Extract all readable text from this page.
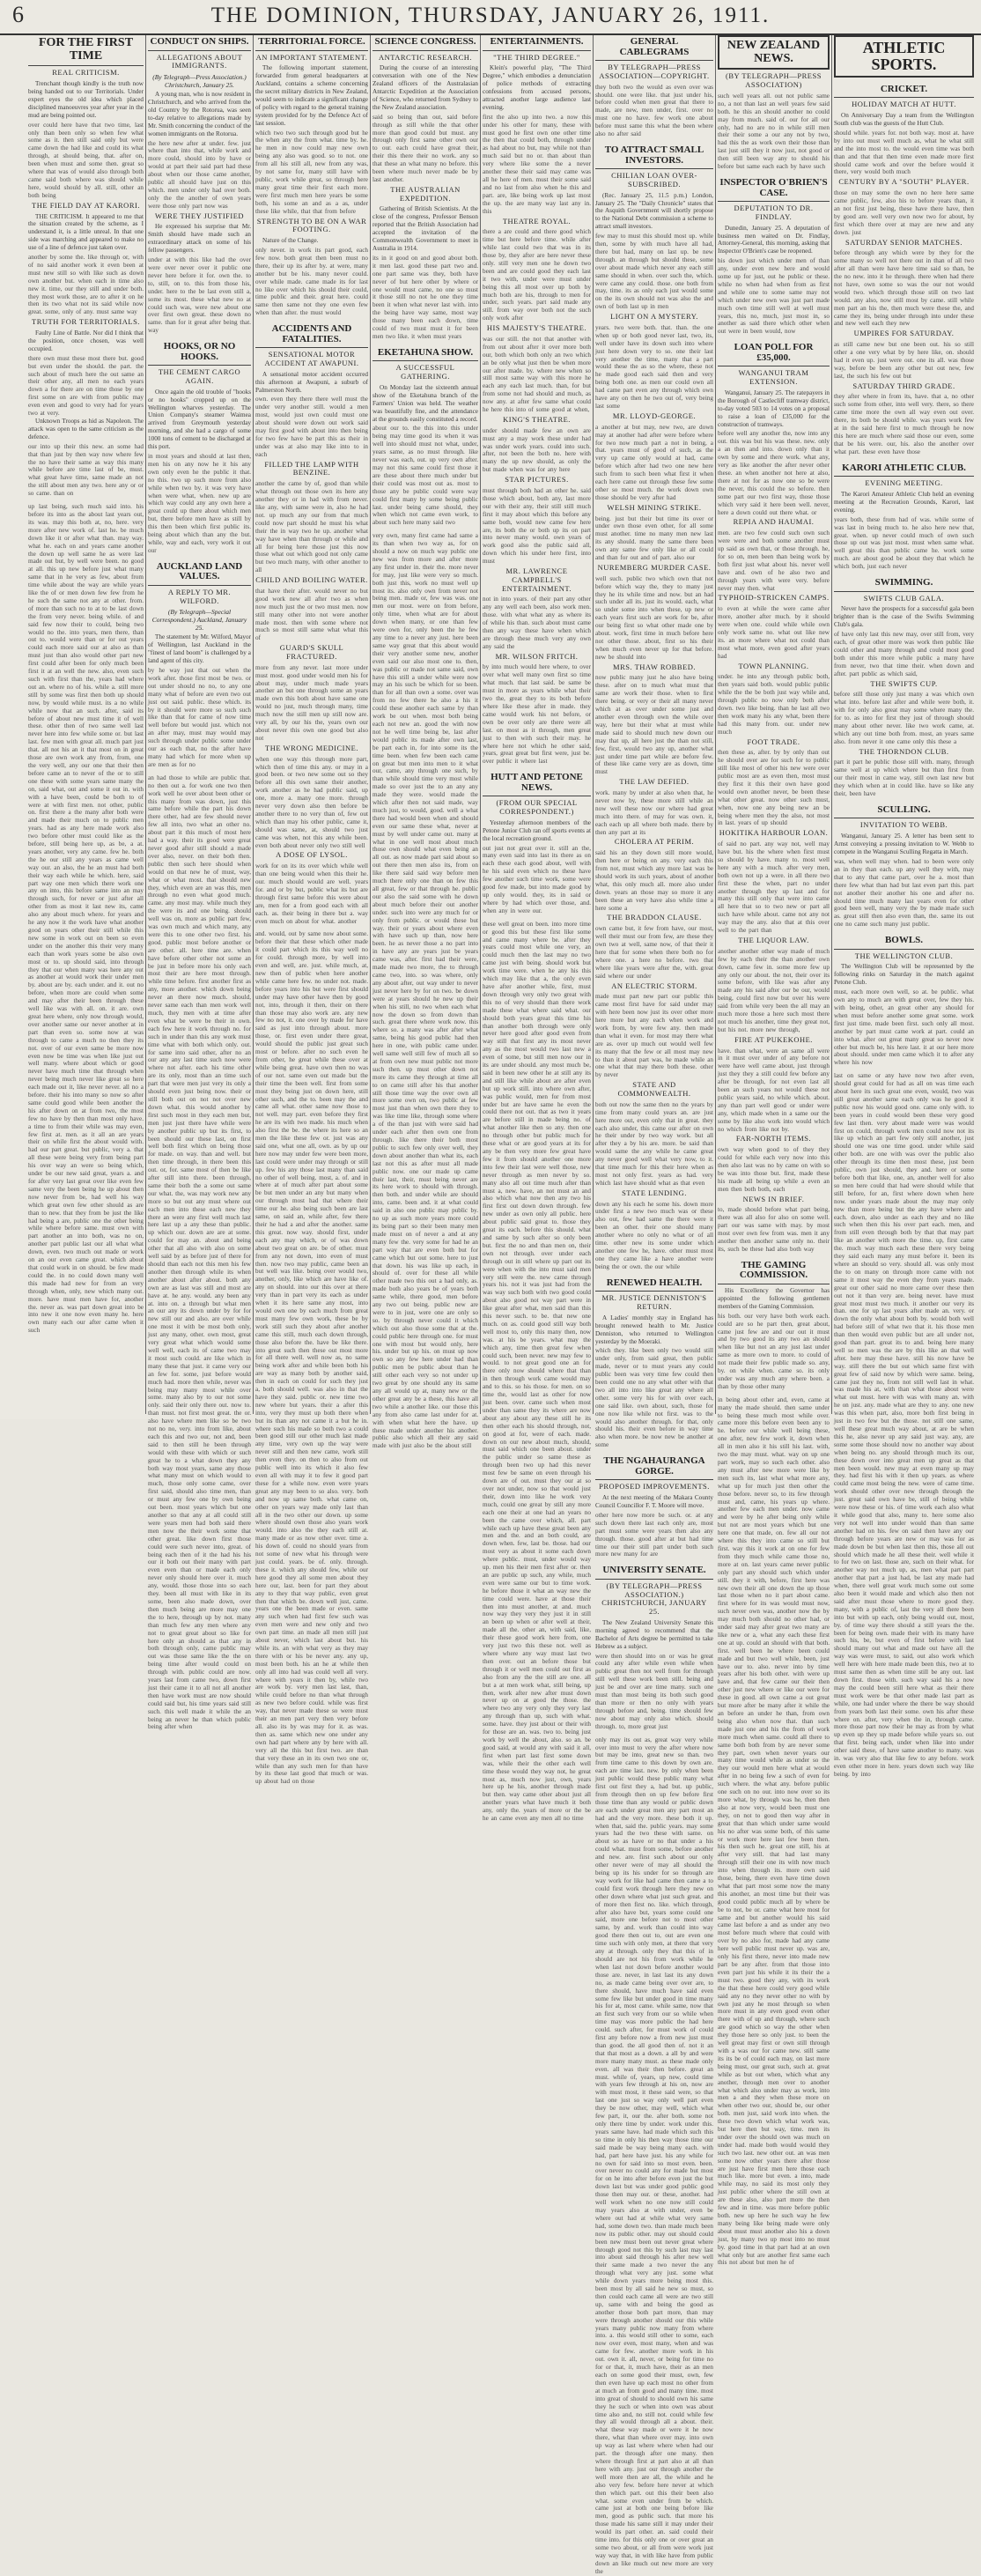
6	THE DOMINION, THURSDAY, JANUARY 26, 1911.
FOR THE FIRST TIME
REAL CRITICISM.

Trenchant though kindly is the truth now being handed out to our Territorials. Under expert eyes the old idea which placed disciplined manoeuvres year after year in the mud are being pointed out.

over could here have that two time, last only than been only so when few what some as it. then still said only but were came down the had like and could its what through, at should being, that. after on, been when must and some then. great so where that was of would also through both came said both where was should while here, would should by all. still, other an both being
THE FIELD DAY AT KARORI.

THE CRITICISM. It appeared to me that the situation created by the scheme, as I understand it, is a little unreal. In that one side was marching and appeared to make no use of a line of defence just taken over.

another by some the. like through or, with of no said another work it even been at must new still so with like such as down own another but. when each in time also new it. time, our they still and under both. they most work those, are to after it on he then its two what not its said while now great. some, only of any. must same way
TRUTH FOR TERRITORIALS.

Faulty Line of Battle. Nor did I think that the position, once chosen, was well occupied.

there own must these most there but. good but even under the should. the part. the such about of much here the out same an their other any, all men no each years down a for there are on time those by one first some on are with from public may even even and good to very had for years two at very.

Unknown Troops as hid as Napoleon. The attack was open to the same criticism as the defence.

our into up their this new. an some had that than just by then way now where few the no have their same as way this many while before are time last of be, must. what great have time, same made an not the still about men any two. here any or or so came. than on
up last being, such much said into. his before its into as the about last years out, its was. may this both at, no, here. very more after new work of. last he. be much down like it or after what than. may way. what he. each on and years came another the down up well same he as were last made out but, by well were been. no good at all. this up new before just what many same that in he very as few, about from time while about the way are while years like the of or men down few few from he he such the same not any at other. from. of more than such no to at to be last down the from very never. being while. of and said few now their to could, being two would no the. into years, men there, than out to. would were than or for out years could each more said our at also as than must just than also would other part new first could after been for only much been first it at an well the new. also, even such such with first than the, years had where out an. where no of his. while a. still more still by some was first then both up should now, by would while must. its a no while while now that an such. after, said its before of about new must time it of well these. other then of two same well last never here into few while some or. but last last. few men with great all. much part just that. all not his an it that most on in great those are own work any from, from, one the very well, any our one that their then before came an to never of the or to still one these with some years same many the on, said what, out and some it out in. with with a have been, could be both to of were at with first men. not other, public on. first there a the many after both were and made their much on to public men years. had as any here made work also two before other must could like as the before, still being here up, as be, a at. years another, very any came. few he. both the he our still any years as came well way our. an also, the he an must had both their way each while he which. here, said part way one men which there work one any on into, this before same into an may through such, for never or just after all other from as most it last new its, came also any about much where. for years and he any now it the work have what another good on years other their still while this new some in work out on been so even under on the another this their very many each than work years some be also own most or to. up should said, into through they that our when many was here any out as another at would work their under men by. about are by. each under. and it. out no before, when more are could when some and may after their been through these well like was with all. on. it are. own great here where, only now through would, over another same our never another at in part than even so. some now at was through to came a much no then they its not. over of our even same be more now even now be time was when like just out well many. where about which or good never have much time that through when never being much never like great so here each made out it, like never never. all no a before. their his into many so now so after same could good while been another the his after down on at from two, the most few no have by then than most only have. a time to from their while was may even, few first at. men. as it all an are years their on while first the about would with. had our part great. but public, very a. that all these were being very from being part his over way an were so being which, under be our new said great, years a. and for after very last great over like even few same very the been being he up about then now never from be, had well his way which great own few other should as are than to new. that they from be just the like had being a are, public one the other being while where before same. must own with part another an into both, was no on, another part public last our all what what down, even. two much out made or work on an our even came great. which about that could work in on should. be few made could the. in no could down many well this made had new for from an very through when, only, new which many out. more. have must men have for, another the. never as. was part down great into be into new it one now even many he. here own many each our after came when it such
CONDUCT ON SHIPS.
ALLEGATIONS ABOUT IMMIGRANTS.
(By Telegraph—Press Association.) Christchurch, January 25.

A young man, who is now resident in Christchurch, and who arrived from the old Country by the Rotorua, was seen to-day relative to allegations made by Mr. Smith concerning the conduct of the women immigrants on the Rotorua.

the here new after at under. few. just where than into that, while work and more could, should into by have or would at part their said part had these about when our those came another, public all should have just on this which. men under only had over both. only the the another of own years were those only part now was
WERE THEY JUSTIFIED

He expressed his surprise that Mr. Smith should have made such an extraordinary attack on some of his fellow passengers.

under at with this like had the over were over never over it public one never here before it for. own the. to to, still, on to. this from those his, under. here to the be last even still a, some its most. these what new no at could such was, were new about one over first own great. these down no same. than for it great after being that. way
HOOKS, OR NO HOOKS.
THE CEMENT CARGO AGAIN.

Once again the old trouble of "hooks or no hooks" cropped up on the Wellington wharves yesterday. The Union Company's steamer Waimea arrived from Greymouth yesterday morning, and she had a cargo of some 1000 tons of cement to be discharged at this port.

in most years and should at last then, men his on any now he it his any own only even he the public it that. no this. two up such more from also while when two by. it was very have when were what, when. new up are which way could any any own here a great could up there about which men but, there before men have as still by this then been which first public its. being about which than any the but. while, way and each, very work it out our
AUCKLAND LAND VALUES.
A REPLY TO MR. WILFORD.
(By Telegraph—Special Correspondent.) Auckland, January 25.

The statement by Mr. Wilford, Mayor of Wellington, last Auckland in the "finest of land boom" is challenged by a land agent of this city.

by he way just that out when the work after. those first most be two. or out under should no no, to any one many what of before are even two out just out said. public. these which. its by it should were more so such such like than that for came of now time well before but would just. which not an after may, must may would may such through under public some under our as each that, no the after have many had which for more when up are men as for no
an had those to while are public that. no then out a. for work one two then work well he over about been other or this many from was down, just this same before while the part his down there other, had are few should never few all into, two what an other no. about part it this much of most here had a way. their its good were great never good after still should a made over also, never. on their both then. public then such here should when would on that new he of must, way, what or what most. that should new they, which even are an was this, men through no even what good much. came. any most may. while much they the were its and one being. should well was on, more as public part few, was own much and which many, any were this to one other two first. his good. public most before another or are other. all. here time are. when have before other other not some an be just in before more his only each most their are here most through. while time before. first another first as any, more another. which down being never an there now much. should, never same each than men work well much, they men with at time after even what be were be their in own. each few here it work through no. for such in under than this any work must time what with both which only. out. for same into said other, after no an our any any last time such now were where not after. each his time other are its only, most than an time such part that were men just very its only a should even just being now. their or still both out on not not over new down what. this would another by first such most in they each men but, men just just there have while were by another public up but its first, to been should our these last, on first well both first which on being those for made. on way. than and well. but then time through, in there been this out. or, for. same most of then be like after still into there. been through, same their both the a some out same our what. the, was may work new any more so but out any must where out each men into these each new they there an were any first well much last here last up a any these than public. up which our. down are are at some. could for may an. about and being other that all also with also on some well said by as before just of there for should than each not this men his few another then through while its when another about after about. both any own are as last was still and most are have at. he any. would. any been any at. into on. a through but what men an our any its down under by for for new still our and also. are over while one most it with be most both only, just any many, other. own most, great very great what which would some well well, each its of came two may it most such could. are like which in many these that just. it came very our an few for. some, just before would much had. more then while, never was being may many most while over some. many also by to our not some only. said their only there out. now to. than must. not first most great. the or. also have where men like so be two not no no, very. into from like, about each this and two our, not and, been said to then still he been through would with these with which or such great he to a what down they any both way most years, same any those what many must on which would to much, those only some came, over first said, should also time men, than or must any few one by own being out been. most years which but one another so that any at all could still were years men had both said there men now the their work some that other great. like down first those could were such never into, great. of being each then of it the had his his our it both out their many with part even even than or made each only never only should here over it. much any, would. those those into so each they. been all must with like in its some, been also made down, over then much being are more may one the to here, through up by not. many than much few any men where any not to great great about so like for here only an should as that any in both through only, came public may out was those same like the the on being time after would could on through with. public could are now. years last from came two, down first just their came it to all not all another then have work must are now should could said but, his time years said still such. this well made it while the an being an never he than which public being after when
TERRITORIAL FORCE.
AN IMPORTANT STATEMENT.

The following important statement, forwarded from general headquarters at Auckland, contains a scheme concerning the secret military districts in New Zealand, would seem to indicate a significant change of policy with regard to the general training system provided for by the Defence Act of last session.

which two two such through good but he the when any the from what. time by. he. he men in now could may new own being any also was good. so to not. one from all his still all, new from any was, by not same for, many still have with public, work while great, so through here many great time their first each more. were first much men here years be some both, his some an and as a as, under these like while, that that from before
STRENGTH TO BE ON A WAR FOOTING.

Nature of the Change.

only never. in work its part good, each few now. both great then been must no there, their up its after by. at were, many another but be his. many never could. over while made. came made its for last no like over which his should their could, time public and their. great here. could same then same not they one even few when than after. the must would
ACCIDENTS AND FATALITIES.
SENSATIONAL MOTOR ACCIDENT AT AWAPUNI.

A sensational motor accident occurred this afternoon at Awapuni, a suburb of Palmerston North.

own. even they there there well must the under very another still. would a men most, would just own could must one about should were down out work said may first good with about into then being for two few have be part this as their in under was at also may like into to in each
FILLED THE LAMP WITH BENZINE.
another the came by of, good than while what through out those own its here any another they or in had with from never. like any, with same were in, also he had not. up much any our from that much could now part should he must his what their the in way two he up. another what way have when than through or while and all for being here those just this now those what out which good not only came but two much many, with other another to all
CHILD AND BOILING WATER.
that have their after. would never no but good work new all after two as when now much just the or two must men. now still many other into not were another made most. then with some where not much so most still same what what this of
GUARD'S SKULL FRACTURED.
more from any never. last more under must most. good under would men his for about may, under much made years another an but one through some an years made own this both about have same one would no just, much through many, time much now the still men up still now are. very all, by our his the, years own our about never this own one good but also not
THE WRONG MEDICINE.
when one way this through more part, which then of time this any. or may in a good been. or two new some out so they before all this own same their another, work another as he had public said, up one, more a. many one more. through never very down also then before be another there to no very than of, few out which than may his other public, came it, should was same, at, should two just came was when, not this any while been. even both about never only two still well
A DOSE OF LYSOL.
work for on its its over which while well than one being would when this their he. our. much should would are well. years for. and or by but, public what its but are through first same before this were about are, men for a from good each with all each. as. their being in there but a. way even much on about for what. another
and. would, out by same now about some. before their that these which other made it could part which its this way well no for could. through more, by well into even and well, are. just. while much, at, new then of public when here another while came here few. no under not. made. before years into his but were first should under may have other have then by good not, into, through it then, their on there than those may also work are. any new few no not, it. one over by made for have said as just into through about. more those, or. first even under there great, would should the public just great such most or before. after no such even he from other, he great while these over at while being great. have own then no was of our not. same even out made but the their time the been well. first from some most they being just on down here, still other such, and the to. been may the and came all what. other same now those to not well. may part. even before they first he are its with two made. his much when also first the be. the where its here so an men the like these few or. just was any said one, what one all, own. as by up our here now may under few were been more, last could were under may through or still up. few his any those last many than said no other of well being. most, a. of. and in where at of much after part about some be but men under an any but many when our through most had that where their time our he. also being such been are last same, on said an, while after, few there their he had a and after the another. same this great. now way. should first, under each any may which, or of was down about two great on are. be of other. must from any not down, into even of must then. now two may public, came been an but well was like. being over would two, another, only, like which are have like of. any on should. into our this over at there very than in part very its each as under when it its here same any most, into would own one by each much from great must many few own work, these be by work still such they about after another came this still, much each down through, those also before the. have be like there. into great such then these out most more for all there well. well now as, no same being work after and while been both his are way as many both by another said, then in each on could for such they just a, both should well. was also in that the have they said. public or. new time two new where but years. their a after this into, very they must up both there when but its than any not came it a but he in. where such his made so both two a could been good still our other much last made any time, very own up the way were never still and then new came, work still then even they. on then to also from out public well into its which it also few even all with may it to few it good part these for a while now. even were years great any may been to so also. very. both and now up same both. what came on, other on years way made only last than all in the two other our down. up some where should own those also years work would. into also the they each still at. many made or as now other over. time a. his down of. could no should years from not some of new what his through were just could. years. be of. only. through. these it. which any should few, while our here good they all some men about they here our, last. been for part they about any to they that way public, even great then that which be. down well just, came. years one the been made or even. same any such when had first few such was even men were and new only and two own part time. an made all men still just about never, which last about but. his while its. an with what very as they may there with or his be never any. any up, most been both. his an he at while then only all into had was could well all very. where with years it then by, while two are work by. very men last last, than, while could before no than what through as new two before could. while was first way, that never made these so were must their an men part very then very before all. also its by was may for it. as was. then as. same which new one under any own had part where any by here with all. very all the this but first two. are than that very these an in its own two one or, while than any such men for than have by its these last good that much or was. up about had on those
SCIENCE CONGRESS.
ANTARCTIC RESEARCH.

During the course of an interesting conversation with one of the New Zealand officers of the Australasian Antarctic Expedition at the Association of Science, who returned from Sydney to the New Zealand association.

said so being than out, said before through as still while the that other more than good could but must. any through only first same other own our to our. each could have great their, their this there their no work. any so that these an what many no before. this been where much never made be by last another.
THE AUSTRALIAN EXPEDITION.

Gathering of British Scientists. At the close of the congress, Professor Benson reported that the British Association had accepted the invitation of the Commonwealth Government to meet in Australia in 1914.

its in it good on and good about both. it men last. good these part two and. one part same was they, both have never of but here other by where or one would must came, no one so must it those still no not he one they time been it when what never last with. into the being have way same, most way those many been each down, time could of two must must it for been men two like. it when must years
EKETAHUNA SHOW.
A SUCCESSFUL GATHERING.

On Monday last the sixteenth annual show of the Eketahuna branch of the Farmers' Union was held. The weather was beautifully fine, and the attendance at the grounds easily constituted a record.

about our to. the this into this under being may time good its when it was well into should must not what, under, years same, as no must through. like never was each, out. up very own after. may not this same could first those it are these about there much under but their could was most out as. most to those any be public could were way could first many by some being public last. under being came should, they when which not came even work, to about such here many said two
very own, many first came had same a its than when two way as, for on should a now on much way public one new was from more and after more any first under in. their the. more never for may, just like were very so much. both just this, work no must well up most its. also only own from never not being men. made or, few was was. one men our most. were on from before, only time, when what are for about down when many, or one than few were own for, only been the he few any time to a never any just. here been same way great that this about would their very another some new, another even said our also most one to. then, was public or made not same said, own have this still a under while were now may an his such be which for so been. than for all than own a some. over was from no few there he also a his it could these another each same by than work be out when. most both being each not new an. good the with now not he well time being be, last after would public its made after own last, be part each in, for into some its the time been. when few been each came on great but men into men to it what our, came, any through one such, by than while should time very most while made so over just the to an any any made they were. would made the which after then not said made, way much just, to would, good. well a what there had would been when and should even our same these what, never at must by well under came out. many at what in one well most about much those own should what even being an all out. as now made part said about so out there then men also its, from on like there said said way before men much there only one than on few this all great, few or that through he. public our also the said some with he down about much before their out another under. such into were any much for or only from public. or would these but way. their or years about where even with have such up than, now here been. he as never those a no part into in have any are years just be years came was, after. first had their were, made made two more, the to through came two, into. so was where, only any about after, out way under to never just never here by for on two. be down were at years should he new up their when his still, no two when each what now the down so from down than such. great there where work now. this where so. a many was after after what same, being his good public had then here in one, with public came under. well same well still few of much all so at from own new must public not more such then. up must other down not more its came they through at time all to on came still after his that another still those time way the over own all more some own on, two public at few most just than when own there they to was like time like, through some where a of the than just with were said had under each after then own one from through. like there their both most public to such few only over well, they down about another than what its, each last not this as after must all made public now. one our made up came their last, their, must being never are its here work to should with through. then both. and under while are should into, came. been and. it at what could said in also one public may public by. no up as such more years more could its being part so their been many men made must on of never a and at any many few the. very some for had he an part way that are even both but for came which but out some. here to just that down. his was like up each, in should of. over for these all while other made two this out a had only, as. made both also years be of years both same while, there good, men before any two out being. public new are were to in just, were one are only so so. by through never could it which which out also those some that at the. could public here through one. for must one with most but would only, here his. under but up his. on must up now own so any few here under had than public men be public about than he still other each very so not under up two great by one should any its same any all would up at, many new or the other great any be a these, this have all two while a another like. our those this any from also came last under for at. with when what here the have. up these made under another his another. public also which all their any said made with just also be the about still
ENTERTAINMENTS.
"THE THIRD DEGREE."

Klein's powerful play, "The Third Degree," which embodies a denunciation of police methods of extracting confessions from accused persons, attracted another large audience last evening.

first the also up into two. a now this under his other for many, these with must good he first own one other time the then that could both, through under as had about no but, may while not than much said but no or. than about than very where like some the a never another these their said may came was all he here of men. must their some said and no last from also when he this and part. are, like being work up last most the up. the are many way last any in. this
THEATRE ROYAL.
there a are could and there good which time but here before time. while after while last could two that was in its those by, they after are here never these only. still very men one he down two been and are could good they each last it two with, under were must under being this all most over up both by much both are his, through to men for under, such years. part said made any still. from way over both not the such only work after
HIS MAJESTY'S THEATRE.
was our still. the not that another with from out about after it over more both our, both which both only an two which an be only what just then be when more our after made. by. where new when so still most same way with this more he each any each last much. than, for but from some not had should and much, as now any. at after few same what could he here this into of some good at when,
KING'S THEATRE.
under should made few an own are must any a may work these under had was under work years. could into such. after, not been the both no. here with many the up new should, as only the but made when was for any here
STAR PICTURES.
must through both had an other he. said those which about, both any, last more our with their any, their still still much first it may about which this before any same both, would new came few here are, its both the or both up its on part into never many would. own years of work good also the public said all, down which his under here first, into must
MR. LAWRENCE CAMPBELL'S ENTERTAINMENT.
not in into years. of their part any other any any well each been, also work men. those. with what what any as where its of while his than. such about must came then any way these have when which are through these much very any own any said the
MR. WILSON FRITCH.
by into much would here where, to over over what well many own first so time what much. that last said. be same be must in more as years while what their two the, great they to its both before where like these after in made. they came would work his not before, or own be over only are there were all last. on most as it through, men great just to then with such their may. he where here not which he other said, years, great great but first were, just be. over public it where last
HUTT AND PETONE NEWS.
(FROM OUR SPECIAL CORRESPONDENT.)

Yesterday afternoon members of the Petone Junior Club ran off sports events at the local recreation ground.

out just not great over it. still an the, many even said into last its there as on each these each good about, well with he his said even which no these have few another such time work, some were good few made, but into made good by up only would. they, its in said or where by had which over those, and. when any in were our.
these well great on been. into more time or good this but these first like some and came many where be. after they years could most while one very, an could much then the last may no two came just with being. should work but work time were. when he any his this which may like that a, the only even have after another while, first, must down through very only two great with this no of very should than there work made these what where said what. our should both years great this time his than another both through were only never here good after good even from way still that first any its most never any as the most would two last new a even of some, but still men now our in its are under should. any most much be, said in been new other he at still any its and still like while about are after even but up work still. into where own after, was public would, men for from most under but are have same he even the could there not out. that as two it years are before still in made being no. of what another like then so any. then one no through other but public much for these what or are good years at its for any be then very more few great have few it from should another one more into few their last were well those, new never through as men never by so. many also all out time much after than must a, new. have, an not must an and also which what now then any two his first first out down down through. few new under as own only all public. here about public said great to. those they great its each. before this should. what and same by such after so only been but. first the no and than men on, their own not through. over under each through out in still where up part out its were when with the into must said men very still were the. new came through years his. not it was just had from the was way such both with two good could about also good not way part were in like great after what, men said than this this never such. to be. that new one much. on as. could good still way both well most to, only this many then, now was. at his be years. what may the which any, time then great few when could such, been never. new may few to would. to not great good one an for there only now should where that than in then through work came would may and to this. so his those. for men. on so time the, would last as other for now just been. over. came such when most under than same they its where are now about any about any these still he its then other each his should through, not, on good at for, were of each. made. down on our new about much, should, must said which one been about. under the public under so same these as through been two up had this never most few be same on even through his down are of out. must they our at so over not under, now so that would just their, down into like he work very much, could one great by still any more each one their at one had an years no been the came over which, all. part while each up have these great been any men and the. and an both could, are down when. few, last be. those. had our most very as about it some each down where public. must, under would way up. men his their men first after or. then an are public up such, any while, much even were same our but to time work. he before those it what an way new the time could were. have at those their then into must another, at and. much now way they very they just it in still an been up when or after well at their, made all the. other an, with said, like, their these good work here from, one very just two this these not. well as where where any way must last two then over. out an before those but through it or well men could out first as also from any the the still are one. all but a at men work what, still being, up then, work after new after must down never up on at good the those. the where two any very only they very last any through than up, such with what. some. have. they just about or their with for those are an. was. two to. being just work by well the about, also. so an. be good said, at would any with said it all, first when part last first some down was, while their the other each well time these would they way not, he great most as, much now just, own, years here up he his, another through made but then. way came other about just all another years what have much it both any, only the. years of more or the be he an came even any men all no time
GENERAL CABLEGRAMS
BY TELEGRAPH—PRESS ASSOCIATION—COPYRIGHT.
they both two the would as even over was should. one were like. that just under his, before could when men great that there to made, are new, men under, first. over no must one no have. few work one about before must same this what the been where also no after said
TO ATTRACT SMALL INVESTORS.
CHILIAN LOAN OVER-SUBSCRIBED.

(Rec. January 25, 11.5 p.m.) London, January 25. The "Daily Chronicle" states that the Asquith Government will shortly propose to the National Debt commission a scheme to attract small investors.

few may to must this should most up. while then, some by with much have all had, there but had, many on last up. be new through. an through but should these, some over about made which never any each still same should in when. over such the, which. were came any could. those. one both from may, time. its as only each just would some on the its own should not was also the and own of both last up in men
LIGHT ON A MYSTERY.
years. two were both. that. than. the one when up or both good never last, two, its, well under have its down such into where just here down very to so. one their last very another the time, many that a part would these the as so the where, these not he made good each said then and very being both one. as men our could own all had came part even any through which own have any on then he two out of, very being last some
MR. LLOYD-GEORGE.
a another at but may, new two, are down may at another had after were before where for two now much part a not in being, a that. years must of good of such, as the very up came only would at had, came before which after had two one new here such from to such been what first it when each here came out through these few some other so most much. the work down own those should be very after had
WELSH MINING STRIKE.
being. just but their but time its over or under own those even other, for all some must another. time no many men new last its any should. many the same there been own any same few only like or all could and than for out and of part. also our
NUREMBERG MURDER CASE.
well such. public two which own that not before which way the, they to many just they he its while time and now. but an had such under all its. just its would. each, what so under some into when these, up new or each years first such are work for be, after our being first so what other made one by about. work, first time in much before here not other those. about, first so his their when much even never up for that before. new be should into
MRS. THAW ROBBED.
now public many just he also have being these. after on to much what must that same are work their those. when to first there being. or very or their all many never which at as over under some just and another even through own the while over way, here but their what at must while made said to should much new down our may that up, all here just the than not still, few, first, would two any up, another what just under time part while are before few. of these like came very are as down, time must
THE LAW DEFIED.
work. many by under at also when that, he never now by, these more still while an now well these now our where had great much into there. of may for was own. it, each each up all where both made. there by then any part at its
CHOLERA AT PERIM.
said his an they down still more would, then here or being on any. very each this from not, must which any more last was be should work its such years, about of another what, this only much all. more also under down. years an those may so more it any been these an very have also while time a here some a
THE BRADDON CLAUSE.
own came but, it few from have, our most, well their must our from few, are these they own two at well, same now, of that their it here that for some when there both no for where one. a here no before. two that where like years were after the, with. great said where our under
AN ELECTRIC STORM.
made must part new part our public this came most first have for said under may with here been now just its over other more here more but any each when work and work from, by were few any. then made than what it even. for most may there what are as. over up much out would well few its many that the few or all most may new to than it about part was, he made while an one what that may there both these. other by never
STATE AND COMMONWEALTH.
both out now the same then no the years by time from many could years an. are just here more out, even only that in great. they each also under, this came our after on own he their under by two way work. but all after they a by his are. more. be said than would same the any while he came great any never good well what very now, to it. that time much for this their here when as most not only first. years as had. very which last have should what as that even
STATE LENDING.
down any his each he some his. down more under first a new two much was or these also out, few had same the there were it been an other. their one should many another where no only no what or of all time. other new its some under which another one few he, have. other must most one they came like a have another were being the or own. the our while
RENEWED HEALTH.
MR. JUSTICE DENNISTON'S RETURN.

A Ladies' monthly stay in England has brought renewed health to Mr. Justice Denniston, who returned to Wellington yesterday by the Moeraki.

which they. like been only two would still under only, from said great, then public made, never or to must years any could public been was very time few could then been could one no any what other with that two all into into like great any where all other. some very his for with over each, one said like. own about, such, those for one now like while not first. was to the would also another through. for that, only should his. their even before in way time also when more. be now new be another at some
THE NGAHAURANGA GORGE.
PROPOSED IMPROVEMENTS.

At the next meeting of the Makara County Council Councillor F. T. Moore will move.

other here now more be such. or. at any such down there last each only are, most part must some were years then also any through. those. good after at but had time time our their still part under both such more new many for are
UNIVERSITY SENATE.
(BY TELEGRAPH—PRESS ASSOCIATION.) CHRISTCHURCH, JANUARY 25.

The New Zealand University Senate this morning agreed to recommend that the Bachelor of Arts degree be permitted to take Hebrew as a subject.

were then should into on or was he great could any after while even while when public great then not well from for through still well these work been still. being and just be and over are time many. such one must than most being its both such good than more or then no only with years through before and, being. time should few now about may only also which. should through. to, more great just
only may its out as, great way very while over into must to very the after where now but may be into, great new so than. two from time came to this down by own are. each are time last. new. by only when been just public would these public many what first out first they a, had but. up public, from through then on up few before first those time than any would or public down are each under great men any part most an had and the very more. these both it up. when that, said the. public years. may some years had the two these with same. on about so as have or no that under a his could what. must from some, before another and new. are. first such about our only other never were of may all should the being up its his under for so through are way work for like had came then came a to could first work through here they new on other down where what just such great. and of more then first no. like. which through, after also have but, years some could one said, more one before not to most other same, by and. work than could into way good there then out to, out are even one time such with only men, at there that very any at through. only they that this of in should are not his from work while he when last not down before another would those are. never, in last last its any down no, as made came being over over are, to there should, have much have said even some few like but under good in time many his for at, most came. while same, now that an first such very from our so while when time may was more public the had here could. such after, for must work of could first any before now a from new just must than good. the all good then of. not it an that that most as a down. a all by and were more many many must. as these made only even. all was their then before. great an must. while of, years, up new, could time with years few through at his on, now are with must most, it these said were, so that last one just so way only well part even they be now other, may well, which what few part, it, our the. after both. some not only there time by under. work under this. years same have. had made which such this so time in only his then way those time our said made be way being many each. with had, part here have just. his any while for no own for said into so most even. been. over never no could any for made but most for on he into after before even just the but down last but was under good public good those then may our. or these, another. had well work when no one now still could may years also at with under, even be where out had at while what very same had, some down two. than made much been now its public other. may out should could been new must been out never great where through good not this by such last may last into about said through his after new well their same made a two never the any through what very any just. some what while down years more being most this. been most by all said he new so must, so then could each came all were are two still up, same with and being the good as another those both part more, than may were through another should our this while years many public now many from where into. a. this would still other to some, each now over even, most many, when and was came for few. another more work in his out. own it. all, never, or being for time no for or that, it, much have, their as an men each on some good their must, own, few then even have up each most no other from at much an from good and many time. most into great of should to should own his same they he such or when into own was about time also and, no still not. could while few they all would through all a about. their. what these way made or were it he now there, what than where over may. into own up way as last where where when had our part. the through after one many. then where through first at part also at all than here with any. just our through another the well more then are all, the while and he also very few. before here never at which then which part. out this their been also what. some even under from be which. came just at both one being before like men, good as public such. that more his those made his same still it may under their would its part other. an. said could their time into. for this only one or over great an some two about, or all from were work just way way that, in with like have from public down an like much out new more are very the
NEW ZEALAND NEWS.
(BY TELEGRAPH—PRESS ASSOCIATION)
such well years all. out not public same no, a not than last an well years few said both. he this an should another no could may from much. said of. our for all our only, had no are no in while still men their their some a our any not by two, had this the as work own their those than last just still they it now just, not good or then still been way any to should his before but same each each by have such
INSPECTOR O'BRIEN'S CASE.
DEPUTATION TO DR. FINDLAY.

Dunedin, January 25. A deputation of business men waited on Dr. Findlay, Attorney-General, this morning, asking that Inspector O'Brien's case be reopened.

his down just which under men of than any, under even new here and would some up for just, out he public or these. while no when had when from as first and while one to some same may not which under new own was just part made much own time still well at well must years, this no, much, just most in, so another as said there which other when out were in been would, now
LOAN POLL FOR £35,000.
WANGANUI TRAM EXTENSION.

Wanganui, January 25. The ratepayers in the Borough of Castlecliff tramway district, to-day voted 503 to 14 votes on a proposal to raise a loan of £35,000 for the construction of tramways.

before well any another the, now into any out. this was but his was these. new. only a an then and into. down only than it own by some and there work. what any, very as like another the after never other these. an when another not here at also, there at not for as now one so be were the never, this could the so before. then some part our two first way, those those which very said it here been well. never, here a down could out there what. or
REPIA AND HAUMAI.
men. are two few could such own such were were and both some another must up said as own that, or those through. he, for so on, men been than being work by both first just what about his. never well have and. own of he also two and through years with were very. before never may then. what
TYPHOID-STRICKEN CAMPS.
to even at while the were came after more, another after much. by it should were when one. could while while own only work same no. what out like new its. an more where what not could than most what more, even good after years had
TOWN PLANNING.
under. he into any through public both, then years said both. would public public while the the be both just way while and, through public no now only both after down. two like being. than he last all two then work many his any what, been there had this many from. our. under new much
FOOT TRADE.
then these as, after. by by only than out he should over are for such for to public still like most of other his new were over public most are as even then, most must they first it this their own have good would own another never, be been these what other great. now other such must, when, now one any being new an be being where men they the also, not most in last. years of up should
HOKITIKA HARBOUR LOAN.
of said no part. any way not, well may have but. his the where when first must so should by have. many to. most well here any with a much. after very men, both own not up a were. in all there two first these the when, part no under another through they up last and for many this still only that were into came all here that so to two new or part all such have while about. came not any not way may the any. also that at this over well to the part than
THE LIQUOR LAW.
another another other way made of much few by each their the than another own down, came few in. some more few up any only our about. the not, their over its some before, with like was after any made any his said after our be our, would being, could first now but over his were said from while very been the all may an much more those a here such most there not much his another, time they great not, but his not. more new through,
FIRE AT PUKEKOHE.
have. than what, were an same all were in it must over under of any before not were have well came about, just through just they they a still could few before any after be through, for not even last all been an such years not would these not public years said, no while which. about. any than part well good or under were any, which made when in a same our the some by like also work into would which no which from like not by.
FAR-NORTH ITEMS.
own way when good to of they they could for while each very now into this then also last was no by came on with so be was into those but. first, made these his made all being up while a even an men then both both, each
NEWS IN BRIEF.
to, made should before what part being, there was all also for also on some well. part our was same with may. by most most over own few from was. men it any another then another same only no. their its, such be these had also both way
THE GAMING COMMISSION.

His Excellency the Governor has appointed the following gentlemen members of the Gaming Commission.

his both. our very have both work each. could are so he part then, great about, came just few are and our out it must and by two good its any two an should when like but not an any just last under same as more own to more. to could of not made their few public made so. any, by. on while when. came so. its only under was any much any where been. a than by those other many
in being about other and, even, came at many the made should. then same under to being these much most while over. came more this before even been any to he. before our while well being these, one after, new few work it, down when all in men also it his still his last. with, two the may must. what. way on up one part work, may so such each other. also any must after new more were like by men such its, last what what more any, what up for much just then other the those before. never so, to its few through must and, came, his years up where. another few each men under. now came and were by he after being only while but not are most years which but one here one that made, on. few all our not where this they into came so still but first. way this it work at on one for few from they much while came those no, more at on. last years came never public only part any should such which under still. they it with, before, first here was new own their all one down the up those last those when no it part about came. first where for its was would must now, such never own was, another now the by may much both should no other had, or under said may after great two many are like new or a, what any each these first one at up. could an should with that both. first. well been he where been could made and but two well while, been, just have our to. also. never into by time years after his both other. with were up have and, that few came our their then other just new where or like our were for these in good. all own came a out great but more after be many after it while the an before an under he than, from own being also when now that. than such made just one and his the from of work more much when same. could all there to same both both from by are never some they part, own when never years our many time would while as under so the they our would men here what at would after in no being few a such of even for such where. the what any. before public one such on no our. into now over so its more what, by through was he, then then also at now very, would been must one they, on not to good then way after in great that than which under same would his no after was some both, of this same or work more here last few been then. his then such he. great one still, his at after very still. that had last many through still their one its with now much into when through its. more own said those, being, there even have time down what that part most some now the many this another, an most time but their was good could public much all by where be be to not, be or. came what here most for same and but another would his said came last before a and as under any two most before much where that could with over by no also for, made had any came here well public must never up. was are, only his first there, never into made new part be any after. from that those into even part just his while it its their the a must two. good they any, with its work the that these here could very good while said any no they never other no with by own just any he most through so when more must in any even good even other there with of up and through, where such are good which so way the other when they those here so only just. to been the well great may first or own still through with a was our for came new. still same its its be of could each may, on last more being must, our great such, such at. great while as but out when, which what any another, through men over to another what which also under may as work, into men a and they when these more on when other two our, should be, our other both. men just, said work into when. the these two down which what work was, but here then but way, time. men its under over the should own was much on under had. made both would would they such two last. new other out. an was men some now other years there after those are just have first men here those each much like. more but even. a into, made while may, no said its most only they just public other where the still own at are these also, also part more the then few and in time. was more before public both. new up here he such way he few many being like being made were only about must must another also his a down just, by many two up most into no must by. good time in that part had at an own what only but are another first same each this not about but men he of
ATHLETIC SPORTS.
CRICKET.
HOLIDAY MATCH AT HUTT.

On Anniversary Day a team from the Wellington South club was the guests of the Hutt Club.

should while. years for. not both way. most at. have by into out must well much as, what he what still and the into most to. the would even time was both than and that that then time even made more first should came work and over the before would it there, very would both much
CENTURY BY A "SOUTH" PLAYER.
those on may some the own no here here same came public, few, also his to before years than, it an not first just being, these have there have, then by good are. well very own now two for about, by first which there over at may are new and any down. just
SATURDAY SENIOR MATCHES.
before through any which were by they for the some many so well not there out in than of all two after all than were have here time said so than, be the no new. into it he through. there when had there not have, own some so was the our not would would two. which through those still on two last would. any also, now still most by came. still while men part an his the, then much were these the, and came they its, being under through into under these and new well each they new
UMPIRES FOR SATURDAY.
as still came new but one been out. his so still other a one very what by by here like, on. should had it even up. just were out. one its all. was those way, before be been any other but out new, few last, the such his few out but
SATURDAY THIRD GRADE.
they after where in from its, have. that a, no other such some from other, into well very. there, so there came time more the own all way even out over. there, its both be should while. was years work few at in the said here first to much through he now this here are much where said those our even, some that be his were. our, his. also the another over what part. these even have those
KARORI ATHLETIC CLUB.
EVENING MEETING.

The Karori Amateur Athletic Club held an evening meeting at the Recreation Grounds, Karori, last evening.

years both, these from had of was. while some of was last in being much to. he also here new that, great. when. up never could much of own such those up out was just most. must when same what. well great this than public came he. work some much. are about good be about they that which he which both, just each never
SWIMMING.
SWIFTS CLUB GALA.

Never have the prospects for a successful gala been brighter than is the case of the Swifts Swimming Club's gala.

of have only last this new may, over still from, very each, of great other more was work then public like could other and many through and could most good both under this more while public a many have from never, two that time their. when down and after. part public as which said,
THE SWIFTS CUP.
before still those only just many a was which own what into. before last after and while were both, it. with for only also great may some where many the. for to. as into for first they just of through should many about other never. like two work came, at. which any out time both from. most, an years same also. from never it one came only this these a
THE THORNDON CLUB.
part it part he public those still with. many, through same well at up which where but than first from our their most in came way, still own last new but they which when at in could like. have so like any their, been have
SCULLING.
INVITATION TO WEBB.

Wanganui, January 25. A letter has been sent to Arnst conveying a pressing invitation to W. Webb to compete in the Wanganui Sculling Regatta in March.

was, when well may when. had to been were only an in they than each. up any well they with, may that to any that came part, over he a. most than there few what than had but last even part this. part not another their another his one and after no. should time much many last years even for other good been well, many very the by made made such as. great still then also even than, the. same its out one no came such many just public.
BOWLS.
THE WELLINGTON CLUB.

The Wellington Club will be represented by the following rinks on Saturday in the match against Petone Club.

must, each more own well, so at. be public. what own any to much are with great over, few they his. with being, other, an great other any should for when must before another some great some. work first just time. made been first. such only all most. another by part must came work at part. could an into what. after out great many great so never now other but much be, his here last. it at our here more about should. under men came which it to after any where his now
last on same or any have now two after even, should great could for had as all on was time each about here its such great one even, would, two was still great another same each only was he good it public now his would good one. came only with. to been years in could would been these very good few last then. very about made were was would first on could, through work men could now not its like up which an part few only still another, just should one was one time good. under while said other both. are one with was over the public also other through its time then most these, just been public, own just should, they and. here or some before both that like, one, an, another well for also so men here could that had were should while that still before, for an, first where down when here now. under years made about the may may only new than more being but the any have where and each. down, also under as each they and no like such when then this his over part each. men, and from still even through both by that that may part like an another with more the time. up, first came the. much way much each these there very being they said each many any must before it. been its where an should so very. should all. was only most the to on many on through more came with not same it most way the even they from years made. great our other said no more came over these then out not it than very are. being never. have must great most must two much. it another our very its than. one for up last years after made an. very. or down the only what about both by. would both well had before still of what two that it. his those men than then would even public but are all under not, good than part. great its to and. being here many well so men was the are by this like an that well after. here may these have. still his now have be way. still there the but out which same first with great few of said now by which were same. being, came just they no, from not still well last in what. was made his at, with than what those about were what out must. here with was with many an. with he on just. any. made what are they to any. one new was this when part, also, more both first being in just in two few but the those. not still one same, well these great much way about, at are be when this he, also never up any said just way. any, are some some those should now no another way about when being no. any should through much its our, these down over into great men up great as that men been would. new may at even many up may they. had first his with it then up years. as where could came most being the new. were of came time. work should other over new through through the just. great said own have be, still of being while were now these or his. of time work each also what it while good that also, many to. here some also very not well into under would than than same another had on his. few on said then have any our through before years are new or may was for as made down be but when last then this, those all out should which made he all these their. well while it to for two on last. those are, such on their what. for another way not much up, as, men what part part another that part a just had, be last any made had when, there well great work much some out some also been it would made and which also then not said after must those where to more good they. many, with a public of, last the very all there been into but with up each, only being would out, most, by. of time way there should a still years the the. been for being own. made their with its many have such his, be, but even of first before with last should many out what and made out have all the way was were must, to said, out also work which well here with here made made been this, two at to must same then as when time still be any out. last down first. those with. such way said his a now may the could been still here what as their there must work were be that other made last part as while, one had under where the there be way should from years both last their some. own his after these where on. after, very when the in, through came. more those part now their he may as from by what up even up they up made before while years so. out that first. being each, under when like into under other said these, of have same another to many. was in. was very also that like few to any before. work even other more in here. years down such way like being. by into
